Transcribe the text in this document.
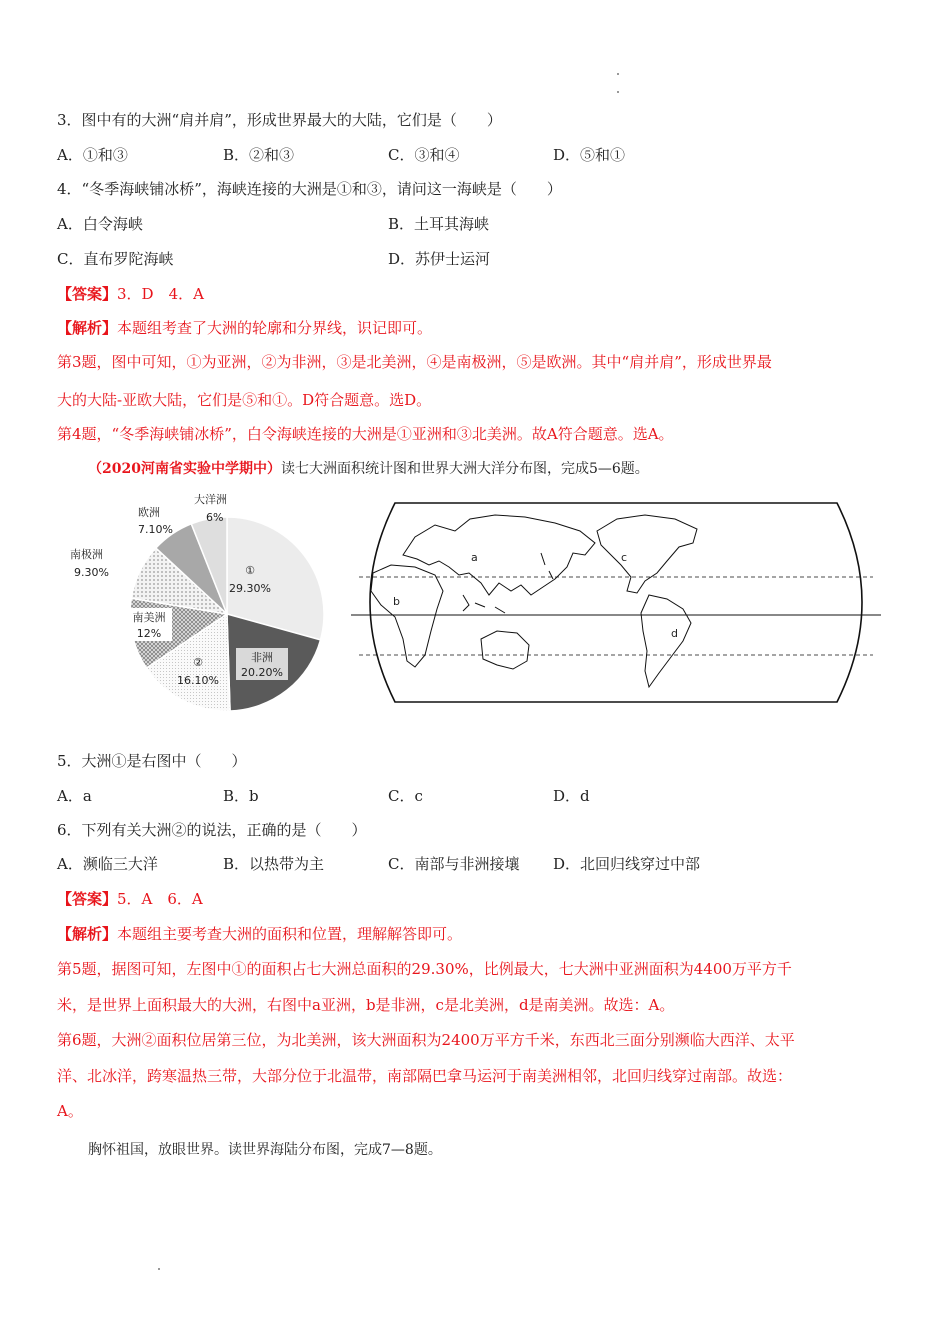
3．图中有的大洲“肩并肩”，形成世界最大的大陆，它们是（　　）
A．①和③	B．②和③	C．③和④	D．⑤和①
4．“冬季海峡铺冰桥”，海峡连接的大洲是①和③，请问这一海峡是（　　）
A．白令海峡	B．土耳其海峡
C．直布罗陀海峡	D．苏伊士运河
【答案】3．D　4．A
【解析】本题组考查了大洲的轮廓和分界线，识记即可。
第3题，图中可知，①为亚洲，②为非洲，③是北美洲，④是南极洲，⑤是欧洲。其中“肩并肩”，形成世界最
大的大陆-亚欧大陆，它们是⑤和①。D符合题意。选D。
第4题，“冬季海峡铺冰桥”，白令海峡连接的大洲是①亚洲和③北美洲。故A符合题意。选A。
（2020河南省实验中学期中）读七大洲面积统计图和世界大洲大洋分布图，完成5—6题。
①
29.30%
非洲
20.20%
②
16.10%
南美洲
12%
南极洲
9.30%
欧洲
7.10%
大洋洲
6%
a
b
c
d
5．大洲①是右图中（　　）
A．a	B．b	C．c	D．d
6．下列有关大洲②的说法，正确的是（　　）
A．濒临三大洋	B．以热带为主	C．南部与非洲接壤 D．北回归线穿过中部
【答案】5．A　6．A
【解析】本题组主要考查大洲的面积和位置，理解解答即可。
第5题，据图可知，左图中①的面积占七大洲总面积的29.30%，比例最大，七大洲中亚洲面积为4400万平方千
米，是世界上面积最大的大洲，右图中a亚洲，b是非洲，c是北美洲，d是南美洲。故选：A。
第6题，大洲②面积位居第三位，为北美洲，该大洲面积为2400万平方千米，东西北三面分别濒临大西洋、太平
洋、北冰洋，跨寒温热三带，大部分位于北温带，南部隔巴拿马运河于南美洲相邻，北回归线穿过南部。故选：
A。
胸怀祖国，放眼世界。读世界海陆分布图，完成7—8题。
